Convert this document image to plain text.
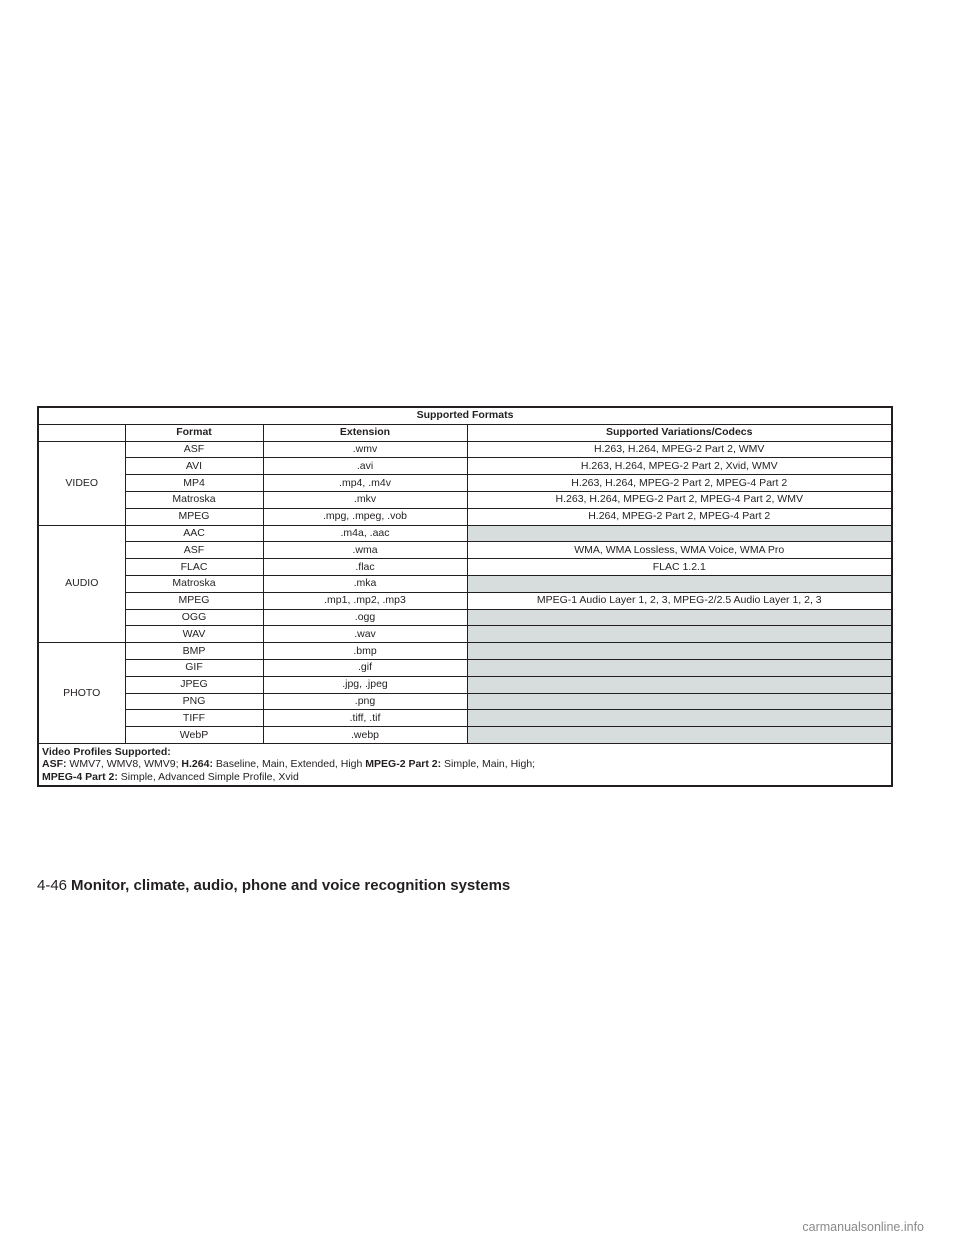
Supported Formats			
	Format	Extension	Supported Variations/Codecs
VIDEO	ASF	.wmv	H.263, H.264, MPEG-2 Part 2, WMV
	AVI	.avi	H.263, H.264, MPEG-2 Part 2, Xvid, WMV
	MP4	.mp4, .m4v	H.263, H.264, MPEG-2 Part 2, MPEG-4 Part 2
	Matroska	.mkv	H.263, H.264, MPEG-2 Part 2, MPEG-4 Part 2, WMV
	MPEG	.mpg, .mpeg, .vob	H.264, MPEG-2 Part 2, MPEG-4 Part 2
AUDIO	AAC	.m4a, .aac	
	ASF	.wma	WMA, WMA Lossless, WMA Voice, WMA Pro
	FLAC	.flac	FLAC 1.2.1
	Matroska	.mka	
	MPEG	.mp1, .mp2, .mp3	MPEG-1 Audio Layer 1, 2, 3, MPEG-2/2.5 Audio Layer 1, 2, 3
	OGG	.ogg	
	WAV	.wav	
PHOTO	BMP	.bmp	
	GIF	.gif	
	JPEG	.jpg, .jpeg	
	PNG	.png	
	TIFF	.tiff, .tif	
	WebP	.webp	
Video Profiles Supported:
ASF: WMV7, WMV8, WMV9; H.264: Baseline, Main, Extended, High MPEG-2 Part 2: Simple, Main, High;
MPEG-4 Part 2: Simple, Advanced Simple Profile, Xvid			
4-46 Monitor, climate, audio, phone and voice recognition systems
carmanualsonline.info
